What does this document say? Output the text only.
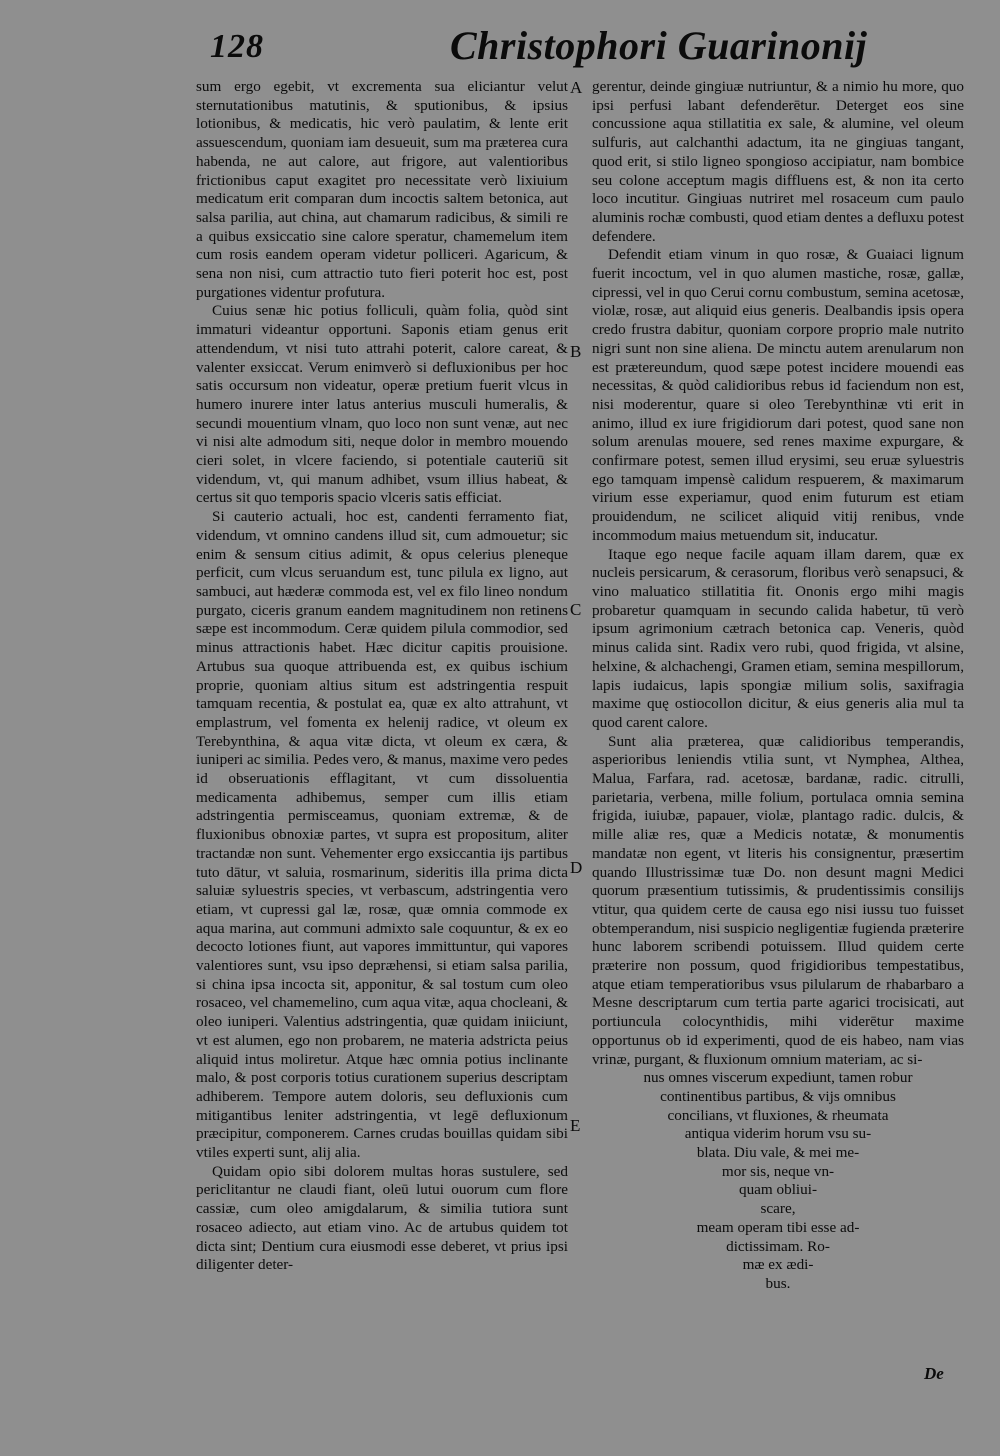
128	Christophori Guarinonij

sum ergo egebit, vt excrementa sua eliciantur velut sternutationibus matutinis, & sputionibus, & ipsius lotionibus, & medicatis, hic verò paulatim, & lente erit assuescendum, quoniam iam desueuit, sum ma præterea cura habenda, ne aut calore, aut frigore, aut valentioribus frictionibus caput exagitet pro necessitate verò lixiuium medicatum erit comparan dum incoctis saltem betonica, aut salsa parilia, aut china, aut chamarum radicibus, & simili re a quibus exsiccatio sine calore speratur, chamemelum item cum rosis eandem operam videtur polliceri. Agaricum, & sena non nisi, cum attractio tuto fieri poterit hoc est, post purgationes videntur profutura.

Cuius senæ hic potius folliculi, quàm folia, quòd sint immaturi videantur opportuni. Saponis etiam genus erit attendendum, vt nisi tuto attrahi poterit, calore careat, & valenter exsiccat. Verum enimverò si defluxionibus per hoc satis occursum non videatur, operæ pretium fuerit vlcus in humero inurere inter latus anterius musculi humeralis, & secundi mouentium vlnam, quo loco non sunt venæ, aut nec vi nisi alte admodum siti, neque dolor in membro mouendo cieri solet, in vlcere faciendo, si potentiale cauteriū sit videndum, vt, qui manum adhibet, vsum illius habeat, & certus sit quo temporis spacio vlceris satis efficiat.

Si cauterio actuali, hoc est, candenti ferramento fiat, videndum, vt omnino candens illud sit, cum admouetur; sic enim & sensum citius adimit, & opus celerius pleneque perficit, cum vlcus seruandum est, tunc pilula ex ligno, aut sambuci, aut hæderæ commoda est, vel ex filo lineo nondum purgato, ciceris granum eandem magnitudinem non retinens sæpe est incommodum. Ceræ quidem pilula commodior, sed minus attractionis habet. Hæc dicitur capitis prouisione. Artubus sua quoque attribuenda est, ex quibus ischium proprie, quoniam altius situm est adstringentia respuit tamquam recentia, & postulat ea, quæ ex alto attrahunt, vt emplastrum, vel fomenta ex helenij radice, vt oleum ex Terebynthina, & aqua vitæ dicta, vt oleum ex cæra, & iuniperi ac similia. Pedes vero, & manus, maxime vero pedes id obseruationis efflagitant, vt cum dissoluentia medicamenta adhibemus, semper cum illis etiam adstringentia permisceamus, quoniam extremæ, & de fluxionibus obnoxiæ partes, vt supra est propositum, aliter tractandæ non sunt. Vehementer ergo exsiccantia ijs partibus tuto dātur, vt saluia, rosmarinum, sideritis illa prima dicta saluiæ syluestris species, vt verbascum, adstringentia vero etiam, vt cupressi gal læ, rosæ, quæ omnia commode ex aqua marina, aut communi admixto sale coquuntur, & ex eo decocto lotiones fiunt, aut vapores immittuntur, qui vapores valentiores sunt, vsu ipso depræhensi, si etiam salsa parilia, si china ipsa incocta sit, apponitur, & sal tostum cum oleo rosaceo, vel chamemelino, cum aqua vitæ, aqua chocleani, & oleo iuniperi. Valentius adstringentia, quæ quidam iniiciunt, vt est alumen, ego non probarem, ne materia adstricta peius aliquid intus moliretur. Atque hæc omnia potius inclinante malo, & post corporis totius curationem superius descriptam adhiberem. Tempore autem doloris, seu defluxionis cum mitigantibus leniter adstringentia, vt legē defluxionum præcipitur, componerem. Carnes crudas bouillas quidam sibi vtiles experti sunt, alij alia.

Quidam opio sibi dolorem multas horas sustulere, sed periclitantur ne claudi fiant, oleū lutui ouorum cum flore cassiæ, cum oleo amigdalarum, & similia tutiora sunt rosaceo adiecto, aut etiam vino. Ac de artubus quidem tot dicta sint; Dentium cura eiusmodi esse deberet, vt prius ipsi diligenter deter-

A
B
C
D
E

gerentur, deinde gingiuæ nutriuntur, & a nimio hu more, quo ipsi perfusi labant defenderētur. Deterget eos sine concussione aqua stillatitia ex sale, & alumine, vel oleum sulfuris, aut calchanthi adactum, ita ne gingiuas tangant, quod erit, si stilo ligneo spongioso accipiatur, nam bombice seu colone acceptum magis diffluens est, & non ita certo loco incutitur. Gingiuas nutriret mel rosaceum cum paulo aluminis rochæ combusti, quod etiam dentes a defluxu potest defendere.

Defendit etiam vinum in quo rosæ, & Guaiaci lignum fuerit incoctum, vel in quo alumen mastiche, rosæ, gallæ, cipressi, vel in quo Cerui cornu combustum, semina acetosæ, violæ, rosæ, aut aliquid eius generis. Dealbandis ipsis opera credo frustra dabitur, quoniam corpore proprio male nutrito nigri sunt non sine aliena. De minctu autem arenularum non est prætereundum, quod sæpe potest incidere mouendi eas necessitas, & quòd calidioribus rebus id faciendum non est, nisi moderentur, quare si oleo Terebynthinæ vti erit in animo, illud ex iure frigidiorum dari potest, quod sane non solum arenulas mouere, sed renes maxime expurgare, & confirmare potest, semen illud erysimi, seu eruæ syluestris ego tamquam impensè calidum respuerem, & maximarum virium esse experiamur, quod enim futurum est etiam prouidendum, ne scilicet aliquid vitij renibus, vnde incommodum maius metuendum sit, inducatur.

Itaque ego neque facile aquam illam darem, quæ ex nucleis persicarum, & cerasorum, floribus verò senapsuci, & vino maluatico stillatitia fit. Ononis ergo mihi magis probaretur quamquam in secundo calida habetur, tū verò ipsum agrimonium cætrach betonica cap. Veneris, quòd minus calida sint. Radix vero rubi, quod frigida, vt alsine, helxine, & alchachengi, Gramen etiam, semina mespillorum, lapis iudaicus, lapis spongiæ milium solis, saxifragia maxime quę ostiocollon dicitur, & eius generis alia mul ta quod carent calore.

Sunt alia præterea, quæ calidioribus temperandis, asperioribus leniendis vtilia sunt, vt Nymphea, Althea, Malua, Farfara, rad. acetosæ, bardanæ, radic. citrulli, parietaria, verbena, mille folium, portulaca omnia semina frigida, iuiubæ, papauer, violæ, plantago radic. dulcis, & mille aliæ res, quæ a Medicis notatæ, & monumentis mandatæ non egent, vt literis his consignentur, præsertim quando Illustrissimæ tuæ Do. non desunt magni Medici quorum præsentium tutissimis, & prudentissimis consilijs vtitur, qua quidem certe de causa ego nisi iussu tuo fuisset obtemperandum, nisi suspicio negligentiæ fugienda præterire hunc laborem scribendi potuissem. Illud quidem certe præterire non possum, quod frigidioribus tempestatibus, atque etiam temperatioribus vsus pilularum de rhabarbaro a Mesne descriptarum cum tertia parte agarici trocisicati, aut portiuncula colocynthidis, mihi viderētur maxime opportunus ob id experimenti, quod de eis habeo, nam vias vrinæ, purgant, & fluxionum omnium materiam, ac si-

nus omnes viscerum expediunt, tamen robur

continentibus partibus, & vijs omnibus

concilians, vt fluxiones, & rheumata

antiqua viderim horum vsu su-

blata. Diu vale, & mei me-

mor sis, neque vn-

quam obliui-

scare,

meam operam tibi esse ad-

dictissimam. Ro-

mæ ex ædi-

bus.

De
